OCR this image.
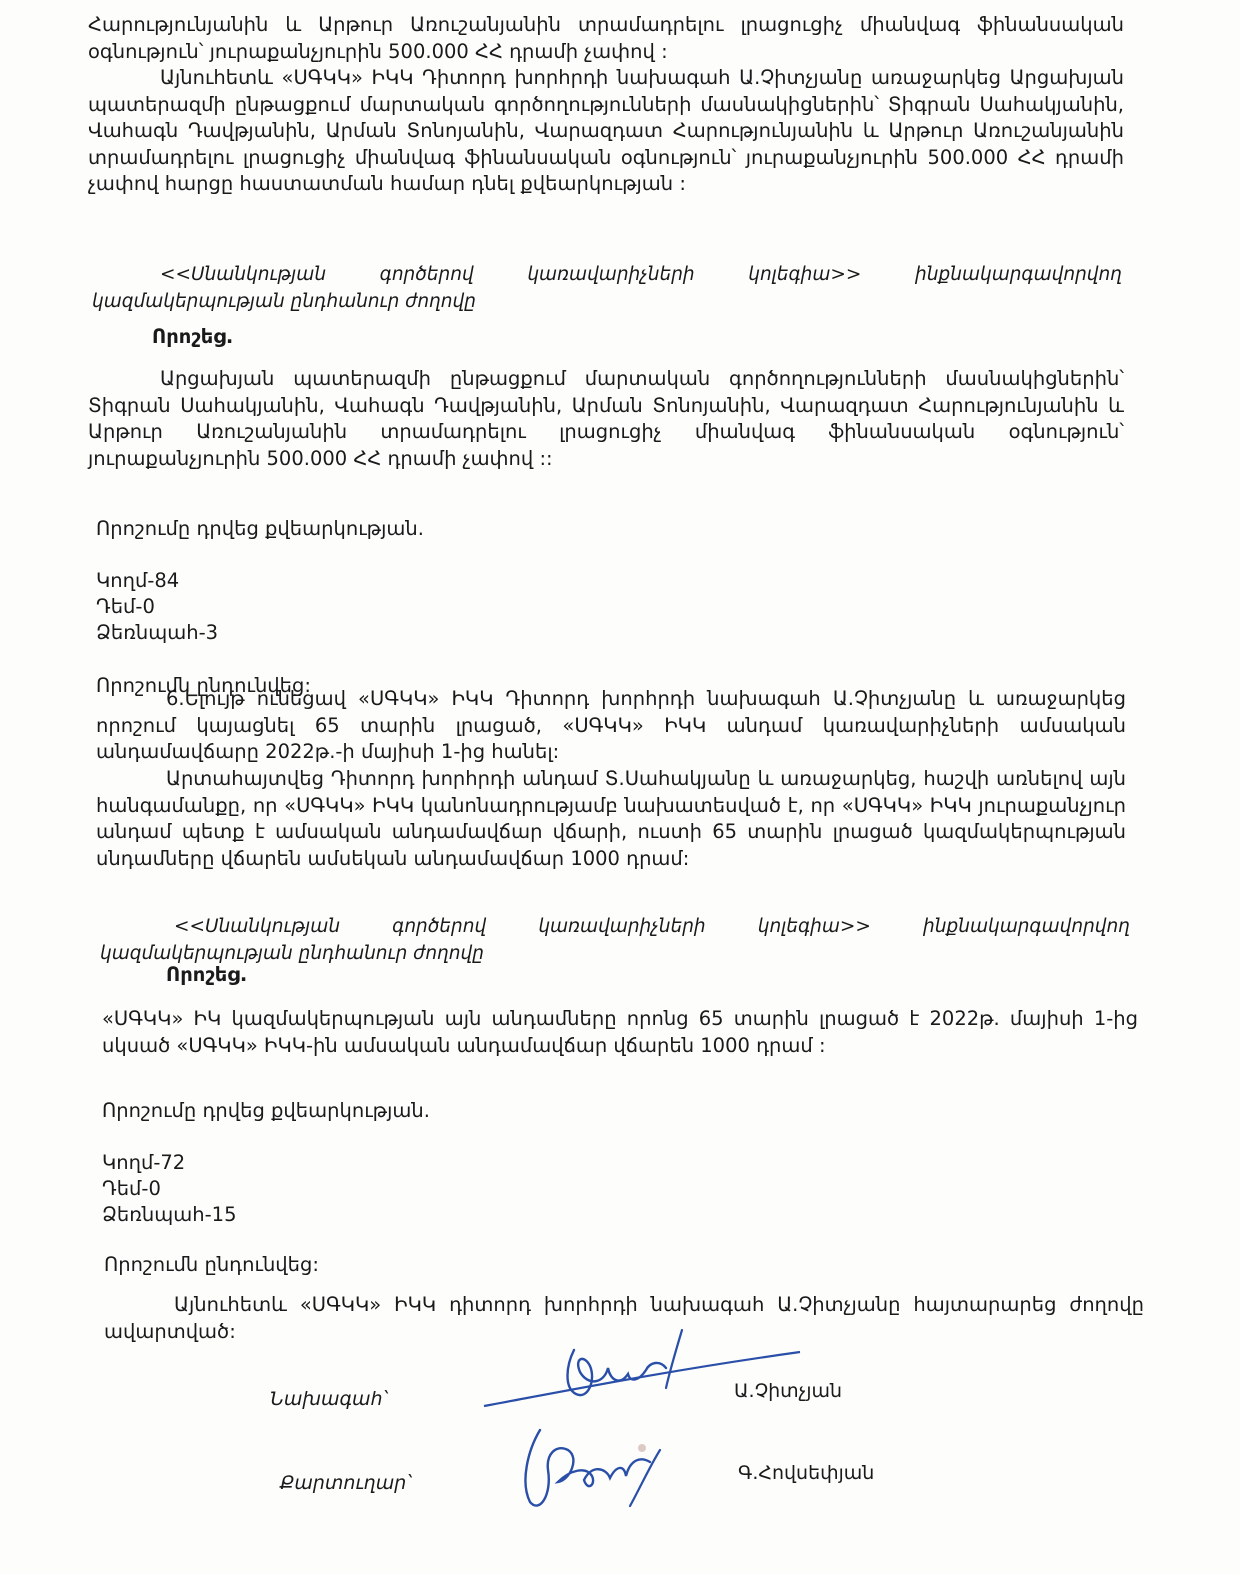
Հարությունյանին և Արթուր Առուշանյանին տրամադրելու լրացուցիչ միանվագ ֆինանսական օգնություն՝ յուրաքանչյուրին 500.000 ՀՀ դրամի չափով :

Այնուհետև «ՍԳԿԿ» ԻԿԿ Դիտորդ խորհրդի նախագահ Ա.Չիտչյանը առաջարկեց Արցախյան պատերազմի ընթացքում մարտական գործողությունների մասնակիցներին՝ Տիգրան Սահակյանին, Վահագն Դավթյանին, Արման Տոնոյանին, Վարազդատ Հարությունյանին և Արթուր Առուշանյանին տրամադրելու լրացուցիչ միանվագ ֆինանսական օգնություն՝ յուրաքանչյուրին 500.000 ՀՀ դրամի չափով հարցը հաստատման համար դնել քվեարկության :

<<Սնանկության գործերով կառավարիչների կոլեգիա>> ինքնակարգավորվող կազմակերպության ընդհանուր ժողովը

Որոշեց.

Արցախյան պատերազմի ընթացքում մարտական գործողությունների մասնակիցներին՝ Տիգրան Սահակյանին, Վահագն Դավթյանին, Արման Տոնոյանին, Վարազդատ Հարությունյանին և Արթուր Առուշանյանին տրամադրելու լրացուցիչ միանվագ ֆինանսական օգնություն՝ յուրաքանչյուրին 500.000 ՀՀ դրամի չափով ::

Որոշումը դրվեց քվեարկության.

Կողմ-84

Դեմ-0

Ձեռնպահ-3

Որոշումն ընդունվեց:

6.Ելույթ ունեցավ «ՍԳԿԿ» ԻԿԿ Դիտորդ խորհրդի նախագահ Ա.Չիտչյանը և առաջարկեց որոշում կայացնել 65 տարին լրացած, «ՍԳԿԿ» ԻԿԿ անդամ կառավարիչների ամսական անդամավճարը 2022թ.-ի մայիսի 1-ից հանել:

Արտահայտվեց Դիտորդ խորհրդի անդամ Տ.Սահակյանը և առաջարկեց, հաշվի առնելով այն հանգամանքը, որ «ՍԳԿԿ» ԻԿԿ կանոնադրությամբ նախատեսված է, որ «ՍԳԿԿ» ԻԿԿ յուրաքանչյուր անդամ պետք է ամսական անդամավճար վճարի, ուստի 65 տարին լրացած կազմակերպության սնդամները վճարեն ամսեկան անդամավճար 1000 դրամ:

<<Սնանկության գործերով կառավարիչների կոլեգիա>> ինքնակարգավորվող կազմակերպության ընդհանուր ժողովը

Որոշեց.

«ՍԳԿԿ» ԻԿ կազմակերպության այն անդամները որոնց 65 տարին լրացած է 2022թ. մայիսի 1-ից սկսած «ՍԳԿԿ» ԻԿԿ-ին ամսական անդամավճար վճարեն 1000 դրամ :

Որոշումը դրվեց քվեարկության.

Կողմ-72

Դեմ-0

Ձեռնպահ-15

Որոշումն ընդունվեց:

Այնուհետև «ՍԳԿԿ» ԻԿԿ դիտորդ խորհրդի նախագահ Ա.Չիտչյանը հայտարարեց ժողովը ավարտված:

Նախագահ՝	Ա.Չիտչյան
Քարտուղար՝	Գ.Հովսեփյան
